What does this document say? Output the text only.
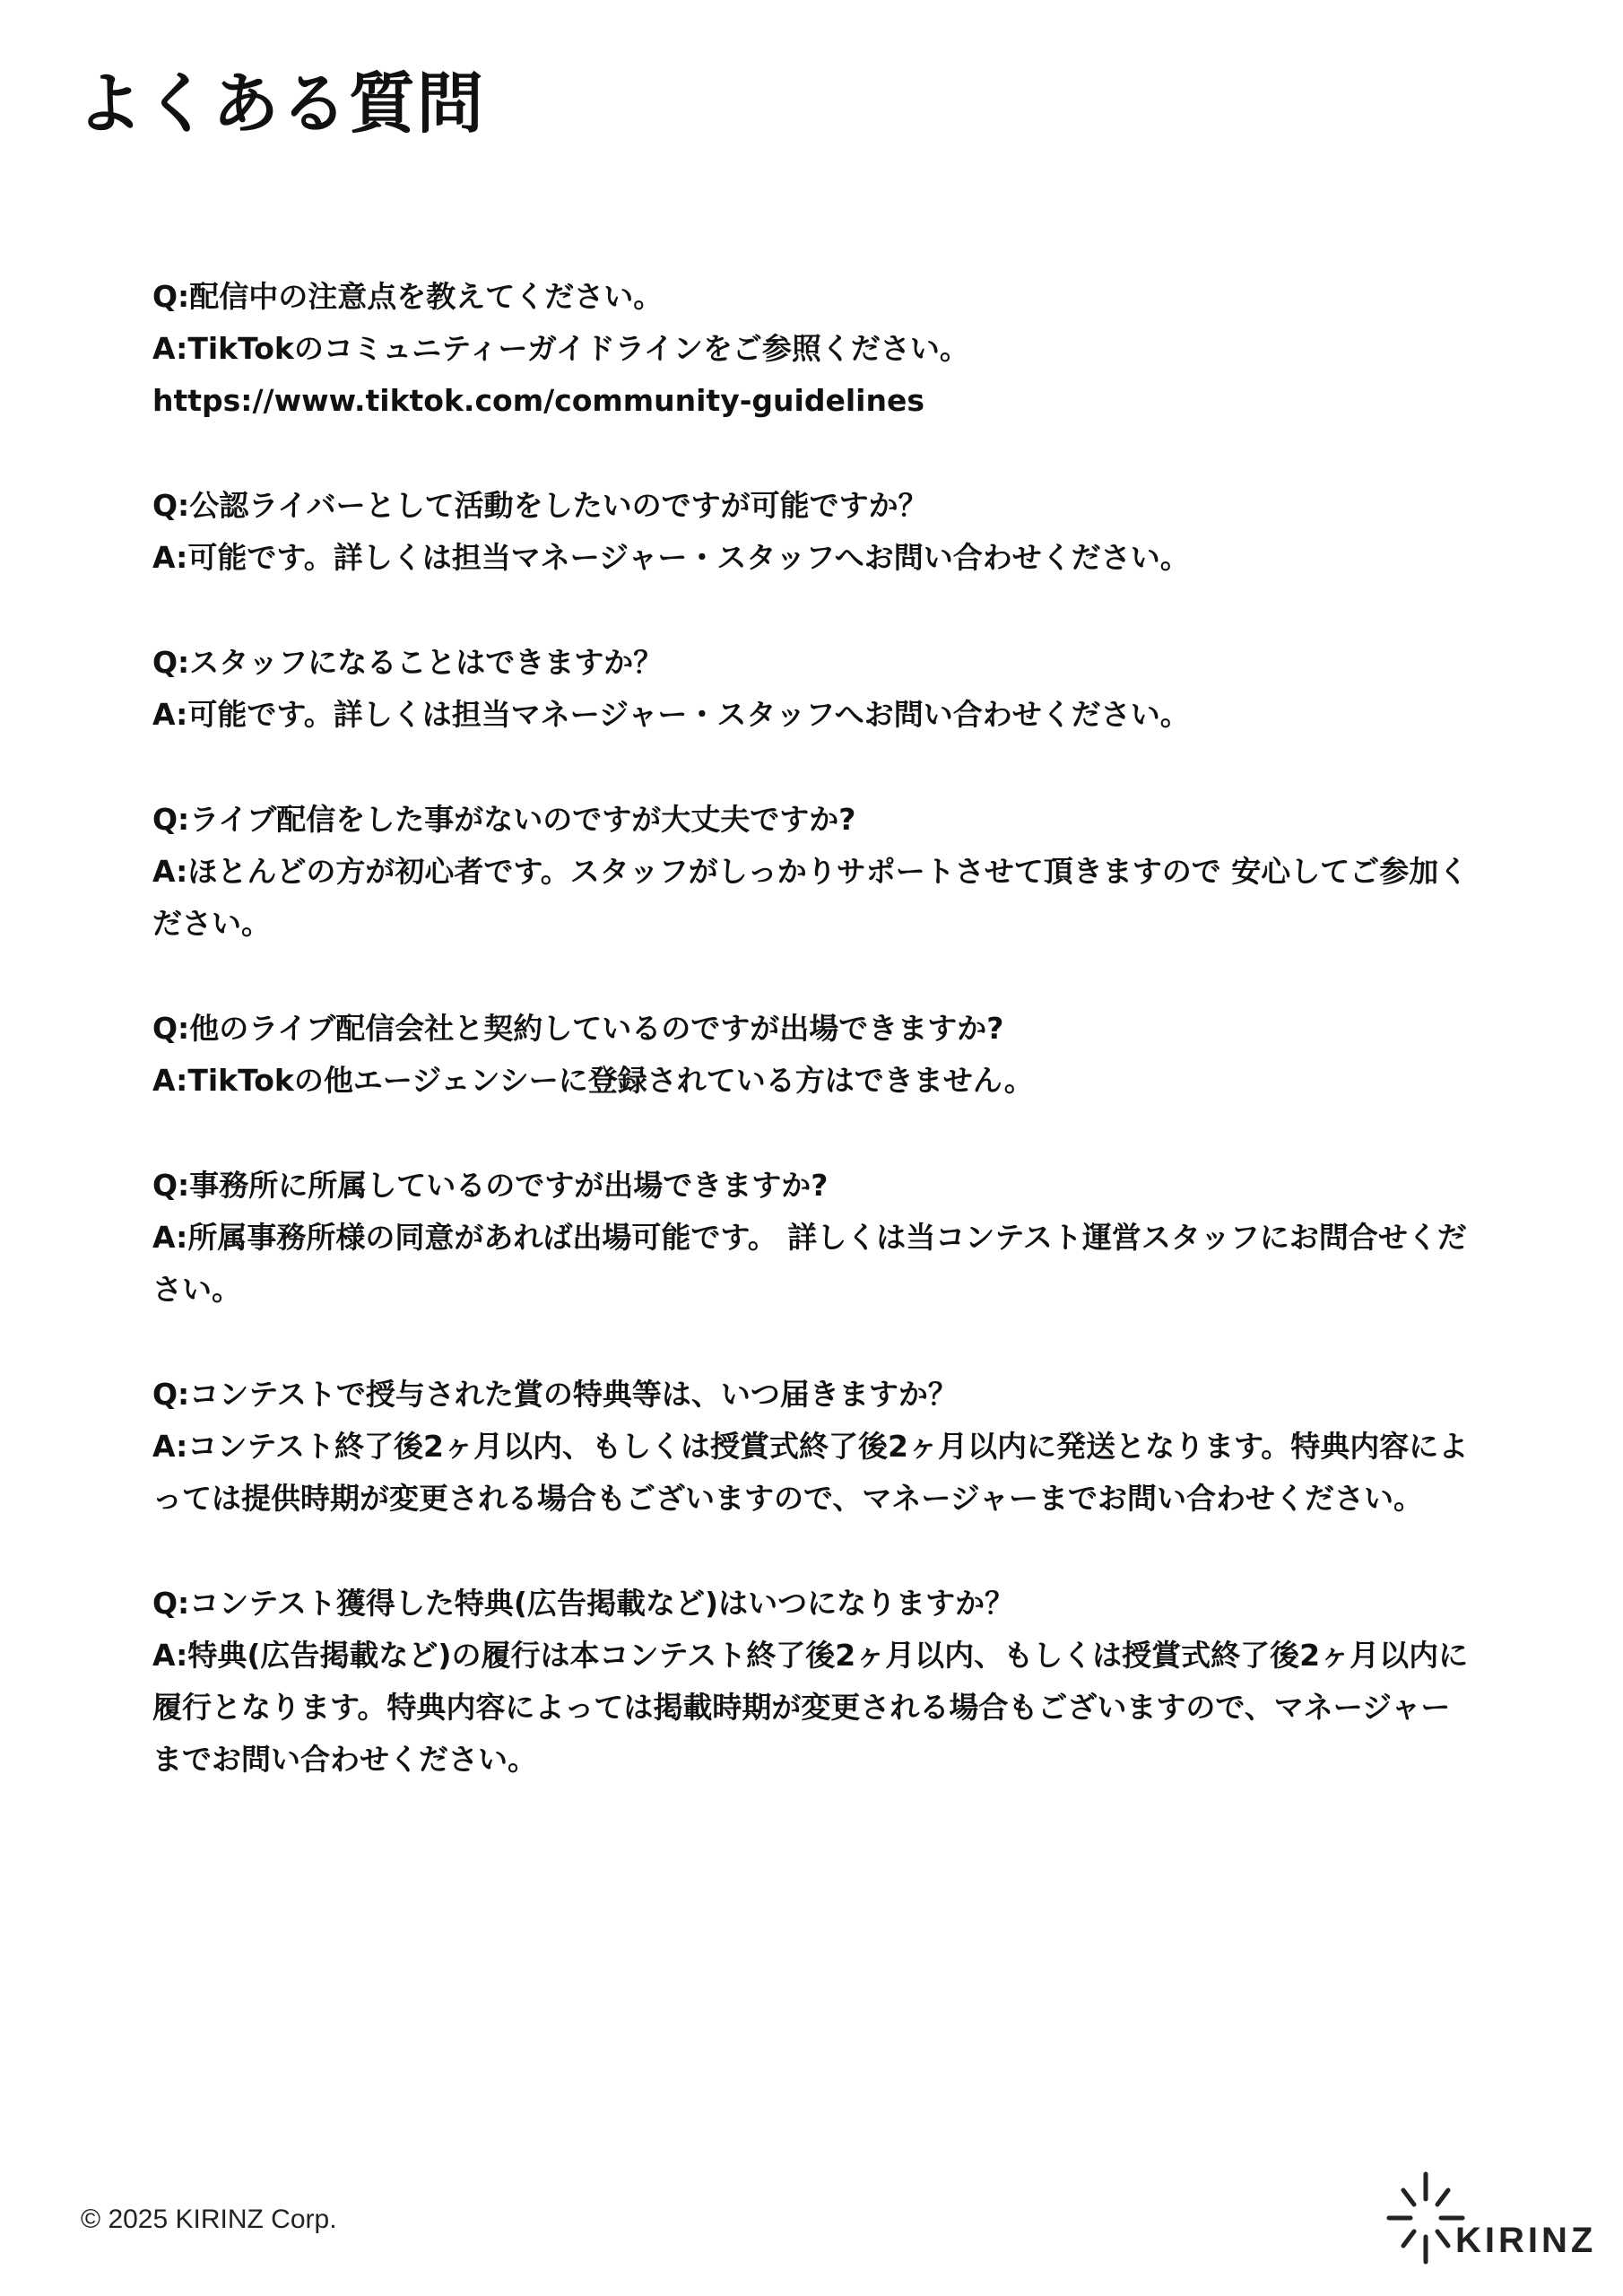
よくある質問
Q:配信中の注意点を教えてください。
A:TikTokのコミュニティーガイドラインをご参照ください。
https://www.tiktok.com/community-guidelines
Q:公認ライバーとして活動をしたいのですが可能ですか？
A:可能です。詳しくは担当マネージャー・スタッフへお問い合わせください。
Q:スタッフになることはできますか？
A:可能です。詳しくは担当マネージャー・スタッフへお問い合わせください。
Q:ライブ配信をした事がないのですが大丈夫ですか?
A:ほとんどの方が初心者です。スタッフがしっかりサポートさせて頂きますので 安心してご参加ください。
Q:他のライブ配信会社と契約しているのですが出場できますか?
A:TikTokの他エージェンシーに登録されている方はできません。
Q:事務所に所属しているのですが出場できますか?
A:所属事務所様の同意があれば出場可能です。 詳しくは当コンテスト運営スタッフにお問合せください。
Q:コンテストで授与された賞の特典等は、いつ届きますか？
A:コンテスト終了後2ヶ月以内、もしくは授賞式終了後2ヶ月以内に発送となります。特典内容によっては提供時期が変更される場合もございますので、マネージャーまでお問い合わせください。
Q:コンテスト獲得した特典(広告掲載など)はいつになりますか？
A:特典(広告掲載など)の履行は本コンテスト終了後2ヶ月以内、もしくは授賞式終了後2ヶ月以内に履行となります。特典内容によっては掲載時期が変更される場合もございますので、マネージャーまでお問い合わせください。
© 2025 KIRINZ Corp.
KIRINZ
